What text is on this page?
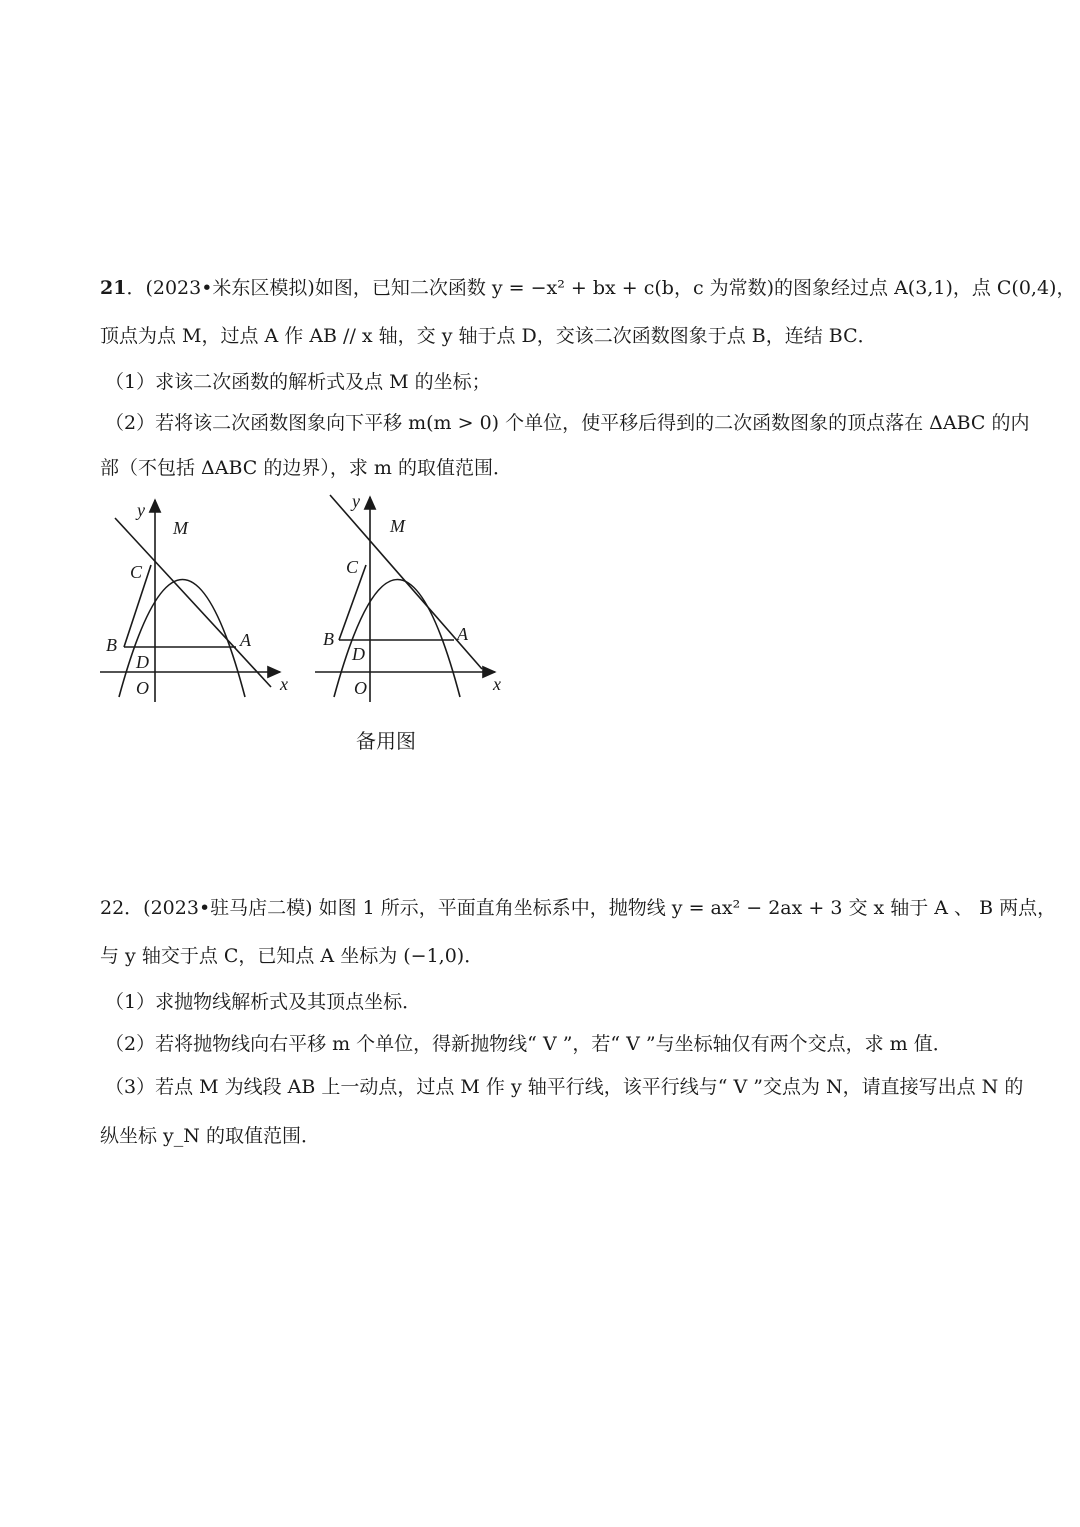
21．(2023•米东区模拟)如图，已知二次函数 y = −x² + bx + c(b，c 为常数)的图象经过点 A(3,1)，点 C(0,4)，
顶点为点 M，过点 A 作 AB // x 轴，交 y 轴于点 D，交该二次函数图象于点 B，连结 BC．
（1）求该二次函数的解析式及点 M 的坐标；
（2）若将该二次函数图象向下平移 m(m > 0) 个单位，使平移后得到的二次函数图象的顶点落在 ΔABC 的内
部（不包括 ΔABC 的边界），求 m 的取值范围．
y
M
C
B	A
D
O	x
y
M
C
B	A
D
O	x
备用图
22．(2023•驻马店二模) 如图 1 所示，平面直角坐标系中，抛物线 y = ax² − 2ax + 3 交 x 轴于 A 、 B 两点，
与 y 轴交于点 C，已知点 A 坐标为 (−1,0)．
（1）求抛物线解析式及其顶点坐标．
（2）若将抛物线向右平移 m 个单位，得新抛物线“ V ”，若“ V ”与坐标轴仅有两个交点，求 m 值．
（3）若点 M 为线段 AB 上一动点，过点 M 作 y 轴平行线，该平行线与“ V ”交点为 N，请直接写出点 N 的
纵坐标 y_N 的取值范围．
